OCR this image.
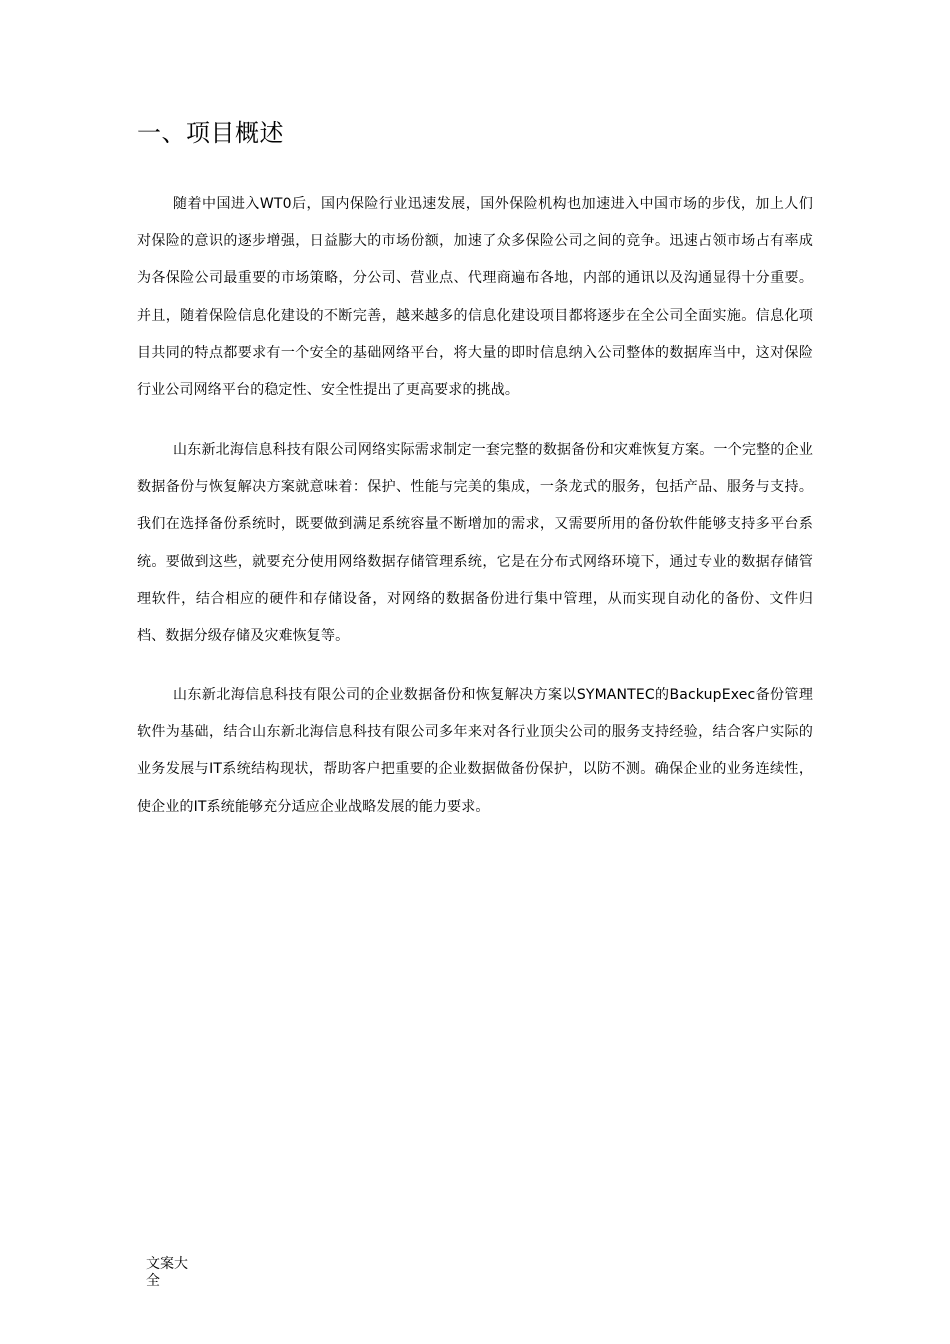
一、项目概述

随着中国进入WT0后，国内保险行业迅速发展，国外保险机构也加速进入中国市场的步伐，加上人们对保险的意识的逐步增强，日益膨大的市场份额，加速了众多保险公司之间的竞争。迅速占领市场占有率成为各保险公司最重要的市场策略，分公司、营业点、代理商遍布各地，内部的通讯以及沟通显得十分重要。并且，随着保险信息化建设的不断完善，越来越多的信息化建设项目都将逐步在全公司全面实施。信息化项目共同的特点都要求有一个安全的基础网络平台，将大量的即时信息纳入公司整体的数据库当中，这对保险行业公司网络平台的稳定性、安全性提出了更高要求的挑战。

山东新北海信息科技有限公司网络实际需求制定一套完整的数据备份和灾难恢复方案。一个完整的企业数据备份与恢复解决方案就意味着：保护、性能与完美的集成，一条龙式的服务，包括产品、服务与支持。我们在选择备份系统时，既要做到满足系统容量不断增加的需求，又需要所用的备份软件能够支持多平台系统。要做到这些，就要充分使用网络数据存储管理系统，它是在分布式网络环境下，通过专业的数据存储管理软件，结合相应的硬件和存储设备，对网络的数据备份进行集中管理，从而实现自动化的备份、文件归档、数据分级存储及灾难恢复等。

山东新北海信息科技有限公司的企业数据备份和恢复解决方案以SYMANTEC的BackupExec备份管理软件为基础，结合山东新北海信息科技有限公司多年来对各行业顶尖公司的服务支持经验，结合客户实际的业务发展与IT系统结构现状，帮助客户把重要的企业数据做备份保护，以防不测。确保企业的业务连续性，使企业的IT系统能够充分适应企业战略发展的能力要求。

文案大全
